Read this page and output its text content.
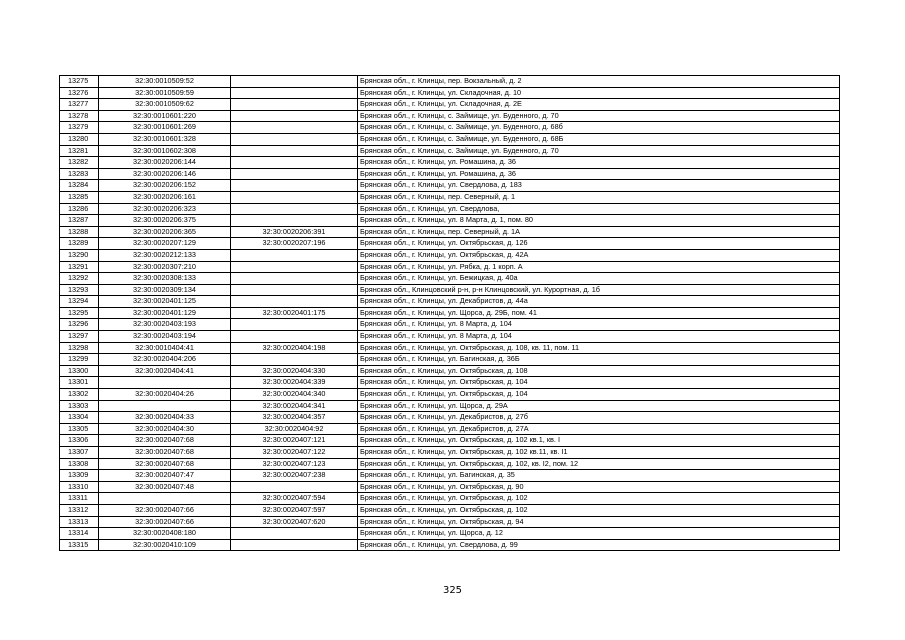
13275	32:30:0010509:52		Брянская обл., г. Клинцы, пер. Вокзальный, д. 2
13276	32:30:0010509:59		Брянская обл., г. Клинцы, ул. Складочная, д. 10
13277	32:30:0010509:62		Брянская обл., г. Клинцы, ул. Складочная, д. 2Е
13278	32:30:0010601:220		Брянская обл., г. Клинцы, с. Займище, ул. Буденного, д. 70
13279	32:30:0010601:269		Брянская обл., г. Клинцы, с. Займище, ул. Буденного, д. 68б
13280	32:30:0010601:328		Брянская обл., г. Клинцы, с. Займище, ул. Буденного, д. 68Б
13281	32:30:0010602:308		Брянская обл., г. Клинцы, с. Займище, ул. Буденного, д. 70
13282	32:30:0020206:144		Брянская обл., г. Клинцы, ул. Ромашина, д. 36
13283	32:30:0020206:146		Брянская обл., г. Клинцы, ул. Ромашина, д. 36
13284	32:30:0020206:152		Брянская обл., г. Клинцы, ул. Свердлова, д. 183
13285	32:30:0020206:161		Брянская обл., г. Клинцы, пер. Северный, д. 1
13286	32:30:0020206:323		Брянская обл., г. Клинцы, ул. Свердлова,
13287	32:30:0020206:375		Брянская обл., г. Клинцы, ул. 8 Марта, д. 1, пом. 80
13288	32:30:0020206:365	32:30:0020206:391	Брянская обл., г. Клинцы, пер. Северный, д. 1А
13289	32:30:0020207:129	32:30:0020207:196	Брянская обл., г. Клинцы, ул. Октябрьская, д. 126
13290	32:30:0020212:133		Брянская обл., г. Клинцы, ул. Октябрьская, д. 42А
13291	32:30:0020307:210		Брянская обл., г. Клинцы, ул. Рябка, д. 1 корп. А
13292	32:30:0020308:133		Брянская обл., г. Клинцы, ул. Бежицкая, д. 40а
13293	32:30:0020309:134		Брянская обл., Клинцовский р-н, р-н Клинцовский, ул. Курортная, д. 1б
13294	32:30:0020401:125		Брянская обл., г. Клинцы, ул. Декабристов, д. 44а
13295	32:30:0020401:129	32:30:0020401:175	Брянская обл., г. Клинцы, ул. Щорса, д. 29Б, пом. 41
13296	32:30:0020403:193		Брянская обл., г. Клинцы, ул. 8 Марта, д. 104
13297	32:30:0020403:194		Брянская обл., г. Клинцы, ул. 8 Марта, д. 104
13298	32:30:0010404:41	32:30:0020404:198	Брянская обл., г. Клинцы, ул. Октябрьская, д. 108, кв. 11, пом. 11
13299	32:30:0020404:206		Брянская обл., г. Клинцы, ул. Багинская, д. 36Б
13300	32:30:0020404:41	32:30:0020404:330	Брянская обл., г. Клинцы, ул. Октябрьская, д. 108
13301		32:30:0020404:339	Брянская обл., г. Клинцы, ул. Октябрьская, д. 104
13302	32:30:0020404:26	32:30:0020404:340	Брянская обл., г. Клинцы, ул. Октябрьская, д. 104
13303		32:30:0020404:341	Брянская обл., г. Клинцы, ул. Щорса, д. 29А
13304	32:30:0020404:33	32:30:0020404:357	Брянская обл., г. Клинцы, ул. Декабристов, д. 27б
13305	32:30:0020404:30	32:30:0020404:92	Брянская обл., г. Клинцы, ул. Декабристов, д. 27А
13306	32:30:0020407:68	32:30:0020407:121	Брянская обл., г. Клинцы, ул. Октябрьская, д. 102 кв.1, кв. I
13307	32:30:0020407:68	32:30:0020407:122	Брянская обл., г. Клинцы, ул. Октябрьская, д. 102 кв.11, кв. I1
13308	32:30:0020407:68	32:30:0020407:123	Брянская обл., г. Клинцы, ул. Октябрьская, д. 102, кв. I2, пом. 12
13309	32:30:0020407:47	32:30:0020407:238	Брянская обл., г. Клинцы, ул. Багинская, д. 35
13310	32:30:0020407:48		Брянская обл., г. Клинцы, ул. Октябрьская, д. 90
13311		32:30:0020407:594	Брянская обл., г. Клинцы, ул. Октябрьская, д. 102
13312	32:30:0020407:66	32:30:0020407:597	Брянская обл., г. Клинцы, ул. Октябрьская, д. 102
13313	32:30:0020407:66	32:30:0020407:620	Брянская обл., г. Клинцы, ул. Октябрьская, д. 94
13314	32:30:0020408:180		Брянская обл., г. Клинцы, ул. Щорса, д. 12
13315	32:30:0020410:109		Брянская обл., г. Клинцы, ул. Свердлова, д. 99
325
